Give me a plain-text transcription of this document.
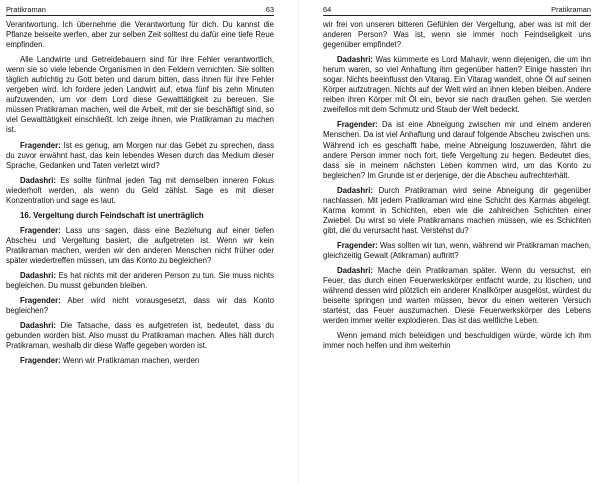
Pratikraman	63

Verantwortung. Ich übernehme die Verantwortung für dich. Du kannst die Pflanze beiseite werfen, aber zur selben Zeit solltest du dafür eine tiefe Reue empfinden.

Alle Landwirte und Getreidebauern sind für ihre Fehler verantwortlich, wenn sie so viele lebende Organismen in den Feldern vernichten. Sie sollten täglich aufrichtig zu Gott beten und darum bitten, dass ihnen für ihre Fehler vergeben wird. Ich fordere jeden Landwirt auf, etwa fünf bis zehn Minuten aufzuwenden, um vor dem Lord diese Gewalttätigkeit zu bereuen. Sie müssen Pratikraman machen, weil die Arbeit, mit der sie beschäftigt sind, so viel Gewalttätigkeit einschließt. Ich zeige ihnen, wie Pratikraman zu machen ist.

Fragender: Ist es genug, am Morgen nur das Gebet zu sprechen, dass du zuvor erwähnt hast, das kein lebendes Wesen durch das Medium dieser Sprache, Gedanken und Taten verletzt wird?

Dadashri: Es sollte fünfmal jeden Tag mit demselben inneren Fokus wiederholt werden, als wenn du Geld zählst. Sage es mit dieser Konzentration und sage es laut.

16. Vergeltung durch Feindschaft ist unerträglich

Fragender: Lass uns sagen, dass eine Beziehung auf einer tiefen Abscheu und Vergeltung basiert, die aufgetreten ist. Wenn wir kein Pratikraman machen, werden wir den anderen Menschen nicht früher oder später wiedertreffen müssen, um das Konto zu begleichen?

Dadashri: Es hat nichts mit der anderen Person zu tun. Sie muss nichts begleichen. Du musst gebunden bleiben.

Fragender: Aber wird nicht vorausgesetzt, dass wir das Konto begleichen?

Dadashri: Die Tatsache, dass es aufgetreten ist, bedeutet, dass du gebunden worden bist. Also musst du Pratikraman machen. Alles hält durch Pratikraman, weshalb dir diese Waffe gegeben worden ist.

Fragender: Wenn wir Pratikraman machen, werden

64	Pratikraman

wir frei von unseren bitteren Gefühlen der Vergeltung, aber was ist mit der anderen Person? Was ist, wenn sie immer noch Feindseligkeit uns gegenüber empfindet?

Dadashri: Was kümmerte es Lord Mahavir, wenn diejenigen, die um ihn herum waren, so viel Anhaftung ihm gegenüber hatten? Einige hassten ihn sogar. Nichts beeinflusst den Vitarag. Ein Vitarag wandelt, ohne Öl auf seinen Körper aufzutragen. Nichts auf der Welt wird an ihnen kleben bleiben. Andere reiben ihren Körper mit Öl ein, bevor sie nach draußen gehen. Sie werden zweifellos mit dem Schmutz und Staub der Welt bedeckt.

Fragender: Da ist eine Abneigung zwischen mir und einem anderen Menschen. Da ist viel Anhaftung und darauf folgende Abscheu zwischen uns. Während ich es geschafft habe, meine Abneigung loszuwerden, fährt die andere Person immer noch fort, tiefe Vergeltung zu hegen. Bedeutet dies, dass sie in meinem nächsten Leben kommen wird, um das Konto zu begleichen? Im Grunde ist er derjenige, der die Abscheu aufrechterhält.

Dadashri: Durch Pratikraman wird seine Abneigung dir gegenüber nachlassen. Mit jedem Pratikraman wird eine Schicht des Karmas abgelegt. Karma kommt in Schichten, eben wie die zahlreichen Schichten einer Zwiebel. Du wirst so viele Pratikramans machen müssen, wie es Schichten gibt, die du verursacht hast. Verstehst du?

Fragender: Was sollten wir tun, wenn, während wir Pratikraman machen, gleichzeitig Gewalt (Atikraman) auftritt?

Dadashri: Mache dein Pratikraman später. Wenn du versuchst, ein Feuer, das durch einen Feuerwerkskörper entfacht wurde, zu löschen, und während dessen wird plötzlich ein anderer Knallkörper ausgelöst, würdest du beiseite springen und warten müssen, bevor du einen weiteren Versuch startest, das Feuer auszumachen. Diese Feuerwerkskörper des Lebens werden immer weiter explodieren. Das ist das weltliche Leben.

Wenn jemand mich beleidigen und beschuldigen würde, würde ich ihm immer noch helfen und ihm weiterhin
